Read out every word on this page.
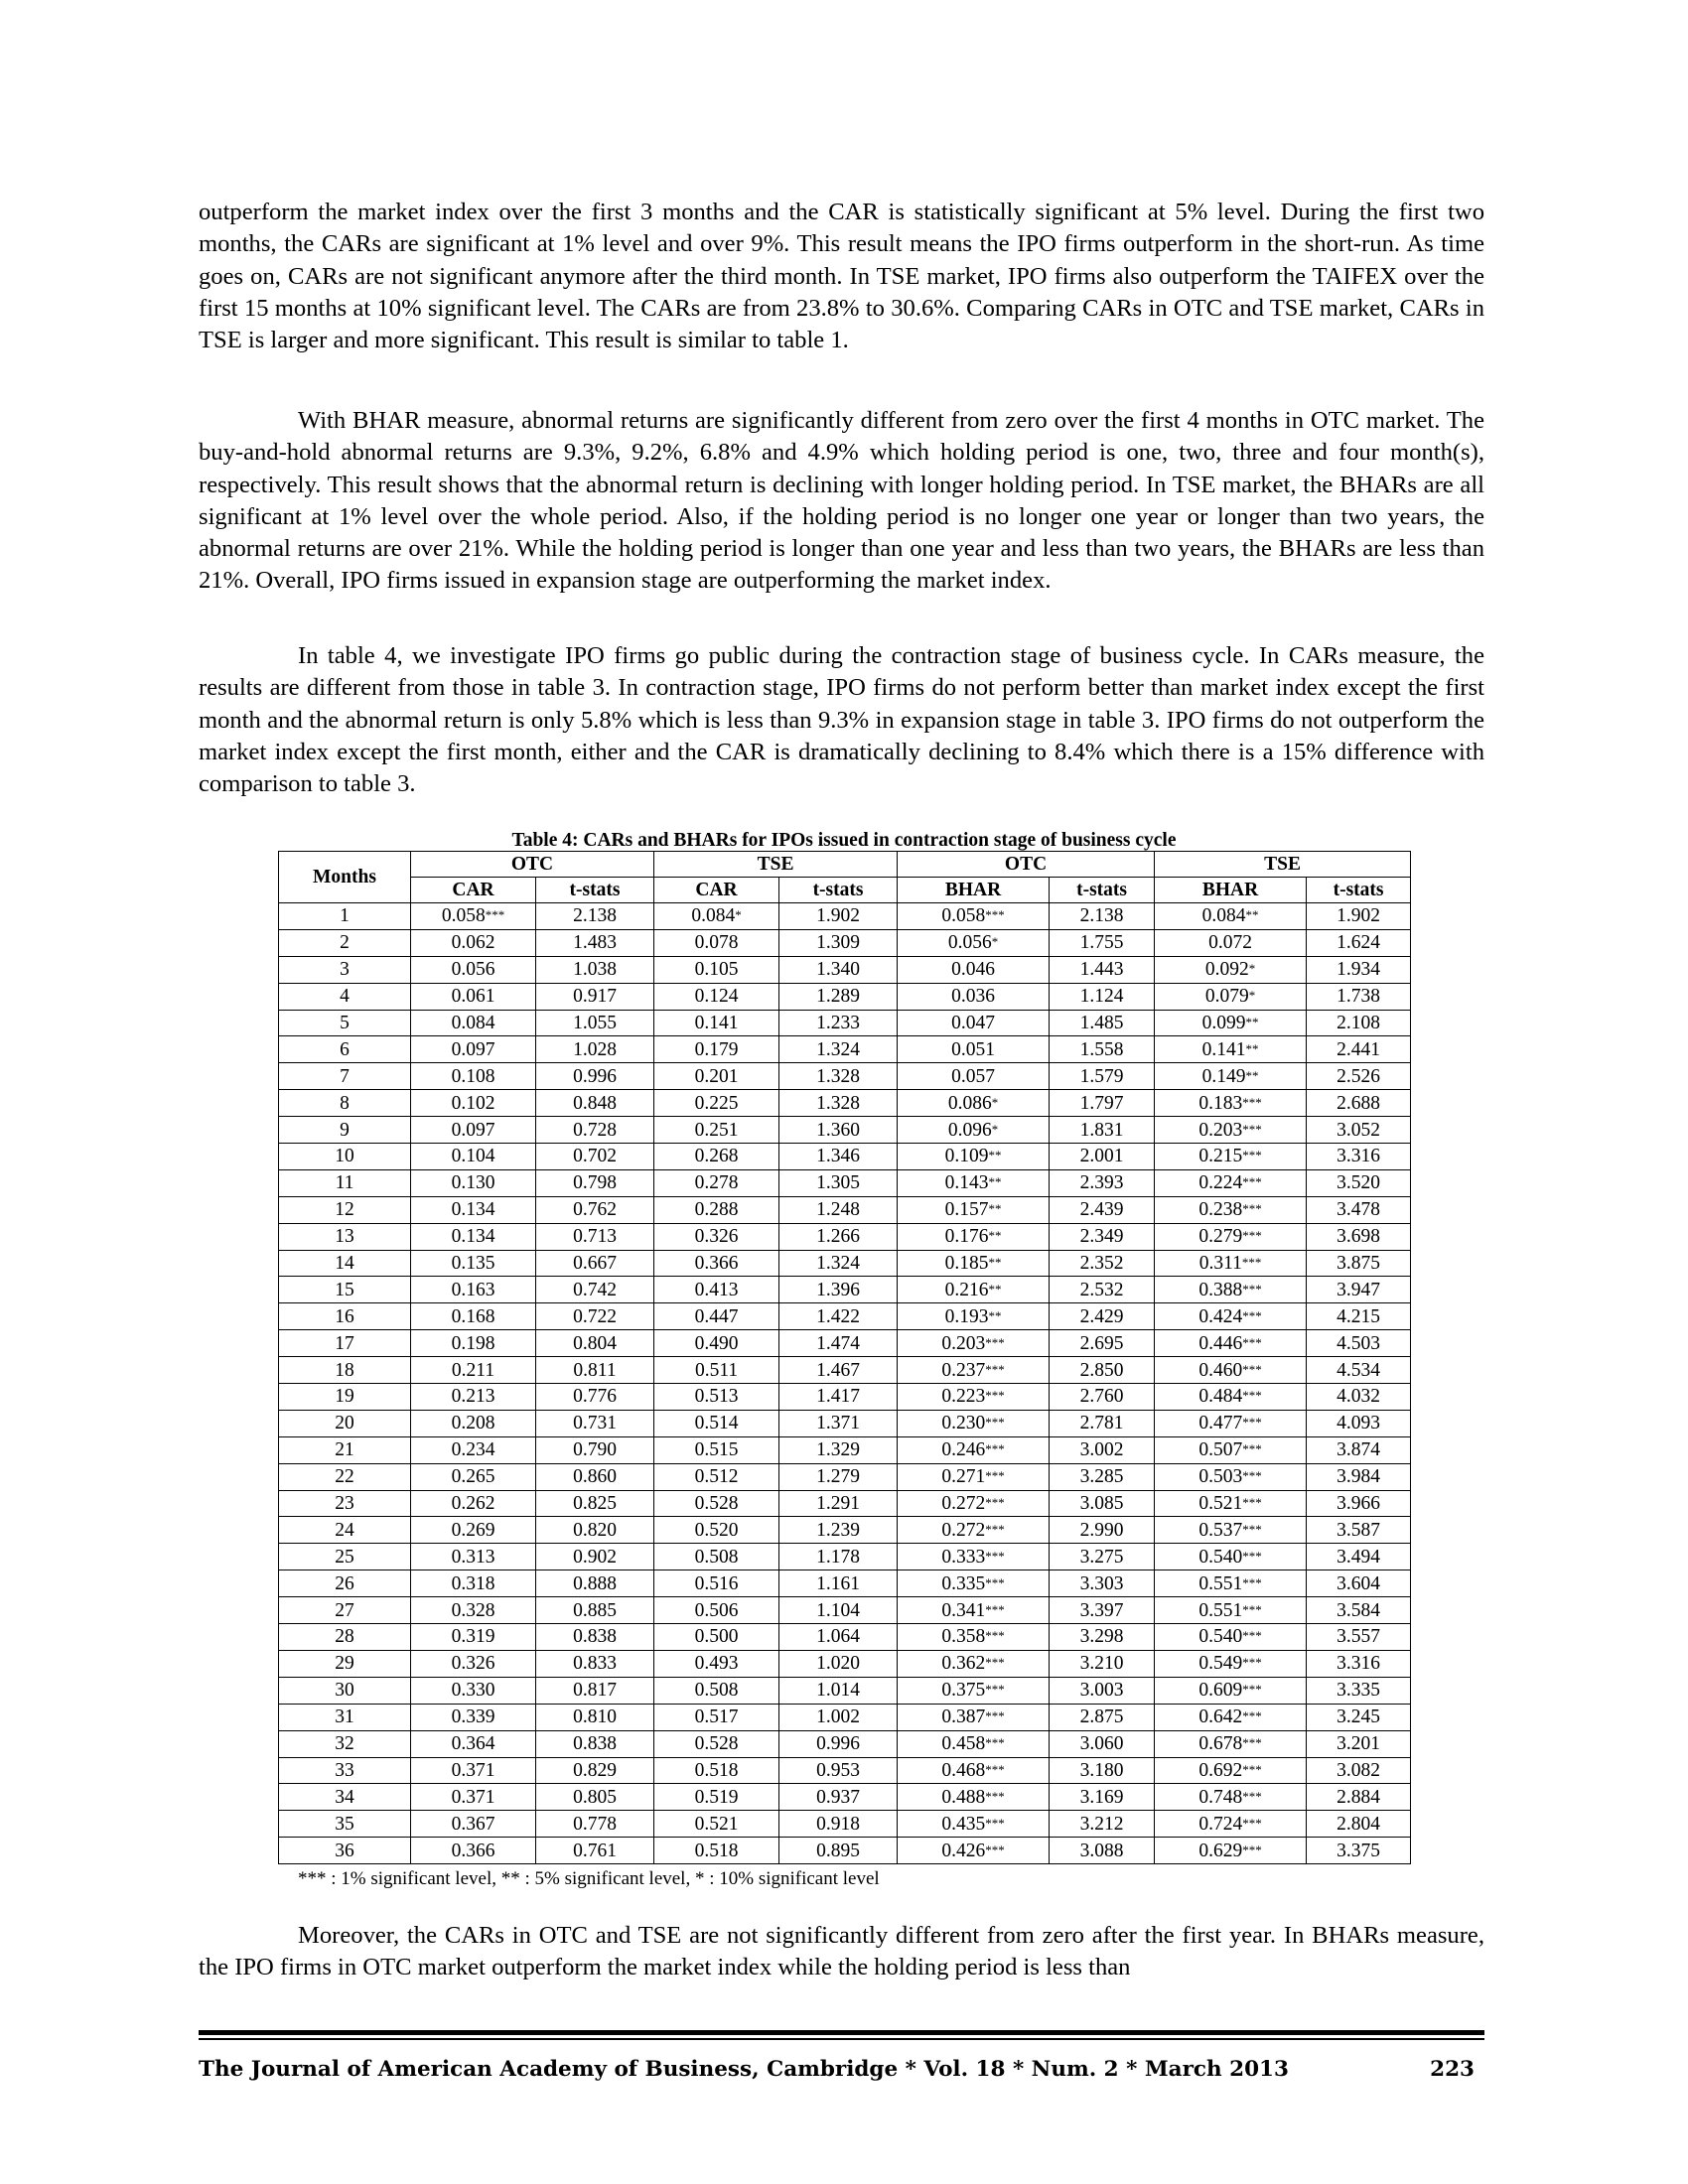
outperform the market index over the first 3 months and the CAR is statistically significant at 5% level. During the first two months, the CARs are significant at 1% level and over 9%. This result means the IPO firms outperform in the short-run. As time goes on, CARs are not significant anymore after the third month. In TSE market, IPO firms also outperform the TAIFEX over the first 15 months at 10% significant level. The CARs are from 23.8% to 30.6%. Comparing CARs in OTC and TSE market, CARs in TSE is larger and more significant. This result is similar to table 1.

With BHAR measure, abnormal returns are significantly different from zero over the first 4 months in OTC market. The buy-and-hold abnormal returns are 9.3%, 9.2%, 6.8% and 4.9% which holding period is one, two, three and four month(s), respectively. This result shows that the abnormal return is declining with longer holding period. In TSE market, the BHARs are all significant at 1% level over the whole period. Also, if the holding period is no longer one year or longer than two years, the abnormal returns are over 21%. While the holding period is longer than one year and less than two years, the BHARs are less than 21%. Overall, IPO firms issued in expansion stage are outperforming the market index.

In table 4, we investigate IPO firms go public during the contraction stage of business cycle. In CARs measure, the results are different from those in table 3. In contraction stage, IPO firms do not perform better than market index except the first month and the abnormal return is only 5.8% which is less than 9.3% in expansion stage in table 3. IPO firms do not outperform the market index except the first month, either and the CAR is dramatically declining to 8.4% which there is a 15% difference with comparison to table 3.

Table 4: CARs and BHARs for IPOs issued in contraction stage of business cycle
Months	OTC		TSE		OTC		TSE	
	CAR	t-stats	CAR	t-stats	BHAR	t-stats	BHAR	t-stats
1	0.058***	2.138	0.084*	1.902	0.058***	2.138	0.084**	1.902
2	0.062	1.483	0.078	1.309	0.056*	1.755	0.072	1.624
3	0.056	1.038	0.105	1.340	0.046	1.443	0.092*	1.934
4	0.061	0.917	0.124	1.289	0.036	1.124	0.079*	1.738
5	0.084	1.055	0.141	1.233	0.047	1.485	0.099**	2.108
6	0.097	1.028	0.179	1.324	0.051	1.558	0.141**	2.441
7	0.108	0.996	0.201	1.328	0.057	1.579	0.149**	2.526
8	0.102	0.848	0.225	1.328	0.086*	1.797	0.183***	2.688
9	0.097	0.728	0.251	1.360	0.096*	1.831	0.203***	3.052
10	0.104	0.702	0.268	1.346	0.109**	2.001	0.215***	3.316
11	0.130	0.798	0.278	1.305	0.143**	2.393	0.224***	3.520
12	0.134	0.762	0.288	1.248	0.157**	2.439	0.238***	3.478
13	0.134	0.713	0.326	1.266	0.176**	2.349	0.279***	3.698
14	0.135	0.667	0.366	1.324	0.185**	2.352	0.311***	3.875
15	0.163	0.742	0.413	1.396	0.216**	2.532	0.388***	3.947
16	0.168	0.722	0.447	1.422	0.193**	2.429	0.424***	4.215
17	0.198	0.804	0.490	1.474	0.203***	2.695	0.446***	4.503
18	0.211	0.811	0.511	1.467	0.237***	2.850	0.460***	4.534
19	0.213	0.776	0.513	1.417	0.223***	2.760	0.484***	4.032
20	0.208	0.731	0.514	1.371	0.230***	2.781	0.477***	4.093
21	0.234	0.790	0.515	1.329	0.246***	3.002	0.507***	3.874
22	0.265	0.860	0.512	1.279	0.271***	3.285	0.503***	3.984
23	0.262	0.825	0.528	1.291	0.272***	3.085	0.521***	3.966
24	0.269	0.820	0.520	1.239	0.272***	2.990	0.537***	3.587
25	0.313	0.902	0.508	1.178	0.333***	3.275	0.540***	3.494
26	0.318	0.888	0.516	1.161	0.335***	3.303	0.551***	3.604
27	0.328	0.885	0.506	1.104	0.341***	3.397	0.551***	3.584
28	0.319	0.838	0.500	1.064	0.358***	3.298	0.540***	3.557
29	0.326	0.833	0.493	1.020	0.362***	3.210	0.549***	3.316
30	0.330	0.817	0.508	1.014	0.375***	3.003	0.609***	3.335
31	0.339	0.810	0.517	1.002	0.387***	2.875	0.642***	3.245
32	0.364	0.838	0.528	0.996	0.458***	3.060	0.678***	3.201
33	0.371	0.829	0.518	0.953	0.468***	3.180	0.692***	3.082
34	0.371	0.805	0.519	0.937	0.488***	3.169	0.748***	2.884
35	0.367	0.778	0.521	0.918	0.435***	3.212	0.724***	2.804
36	0.366	0.761	0.518	0.895	0.426***	3.088	0.629***	3.375
*** : 1% significant level, ** : 5% significant level, * : 10% significant level

Moreover, the CARs in OTC and TSE are not significantly different from zero after the first year. In BHARs measure, the IPO firms in OTC market outperform the market index while the holding period is less than

The Journal of American Academy of Business, Cambridge * Vol. 18 * Num. 2 * March 2013	223
